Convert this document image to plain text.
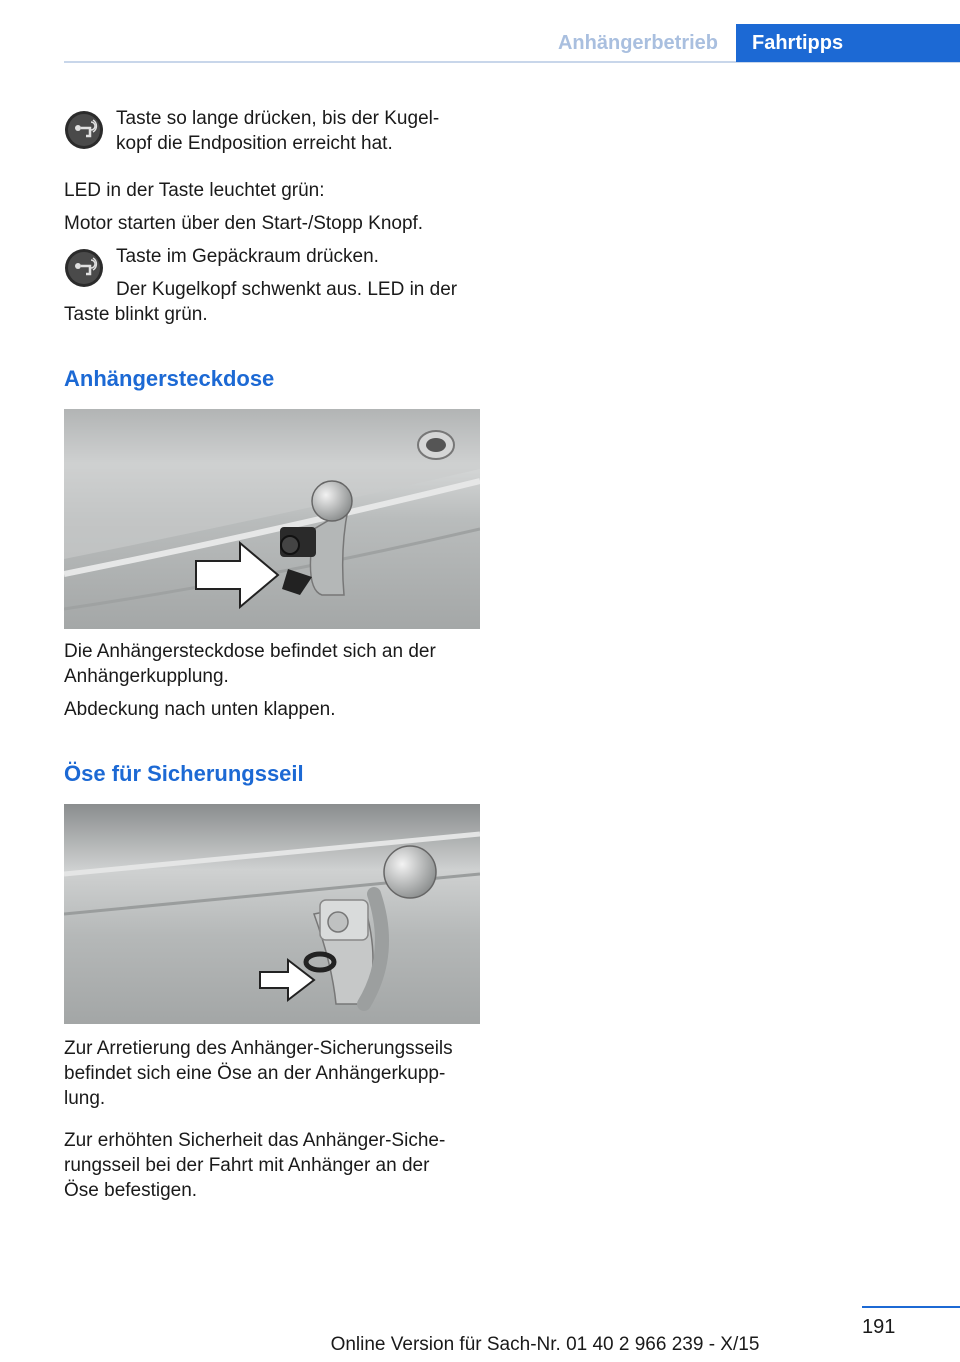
Anhängerbetrieb	Fahrtipps

Taste so lange drücken, bis der Kugel-

kopf die Endposition erreicht hat.

LED in der Taste leuchtet grün:

Motor starten über den Start-/Stopp Knopf.

Taste im Gepäckraum drücken.

Der Kugelkopf schwenkt aus. LED in der

Taste blinkt grün.

Anhängersteckdose

Die Anhängersteckdose befindet sich an der

Anhängerkupplung.

Abdeckung nach unten klappen.

Öse für Sicherungsseil

Zur Arretierung des Anhänger-Sicherungsseils

befindet sich eine Öse an der Anhängerkupp-

lung.

Zur erhöhten Sicherheit das Anhänger-Siche-

rungsseil bei der Fahrt mit Anhänger an der

Öse befestigen.

191
Online Version für Sach-Nr. 01 40 2 966 239 - X/15
